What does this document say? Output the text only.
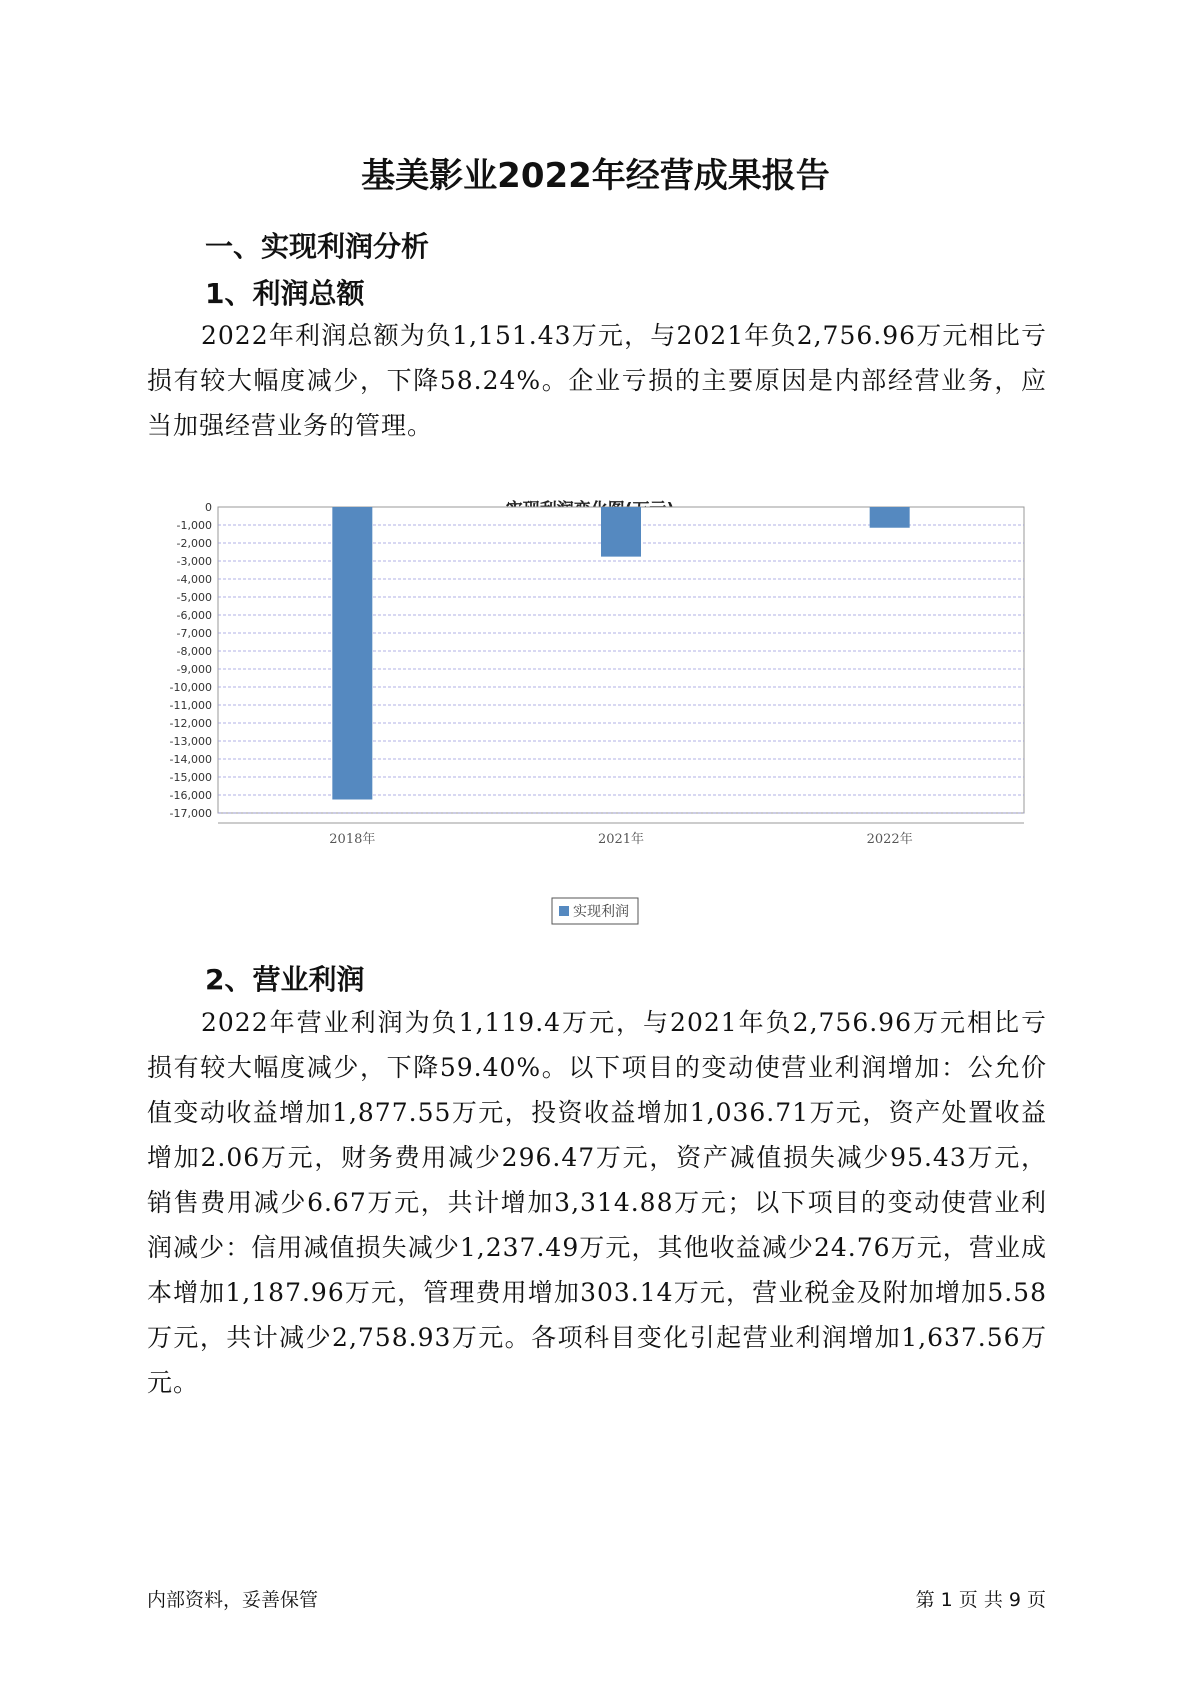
基美影业2022年经营成果报告
一、实现利润分析
1、利润总额

2022年利润总额为负1,151.43万元，与2021年负2,756.96万元相比亏损有较大幅度减少，下降58.24%。企业亏损的主要原因是内部经营业务，应当加强经营业务的管理。

0
-1,000
-2,000
-3,000
-4,000
-5,000
-6,000
-7,000
-8,000
-9,000
-10,000
-11,000
-12,000
-13,000
-14,000
-15,000
-16,000
-17,000
2018年	2021年	2022年
实现利润
2、营业利润

2022年营业利润为负1,119.4万元，与2021年负2,756.96万元相比亏损有较大幅度减少，下降59.40%。以下项目的变动使营业利润增加：公允价值变动收益增加1,877.55万元，投资收益增加1,036.71万元，资产处置收益增加2.06万元，财务费用减少296.47万元，资产减值损失减少95.43万元，销售费用减少6.67万元，共计增加3,314.88万元；以下项目的变动使营业利润减少：信用减值损失减少1,237.49万元，其他收益减少24.76万元，营业成本增加1,187.96万元，管理费用增加303.14万元，营业税金及附加增加5.58万元，共计减少2,758.93万元。各项科目变化引起营业利润增加1,637.56万元。

内部资料，妥善保管	第 1 页 共 9 页
